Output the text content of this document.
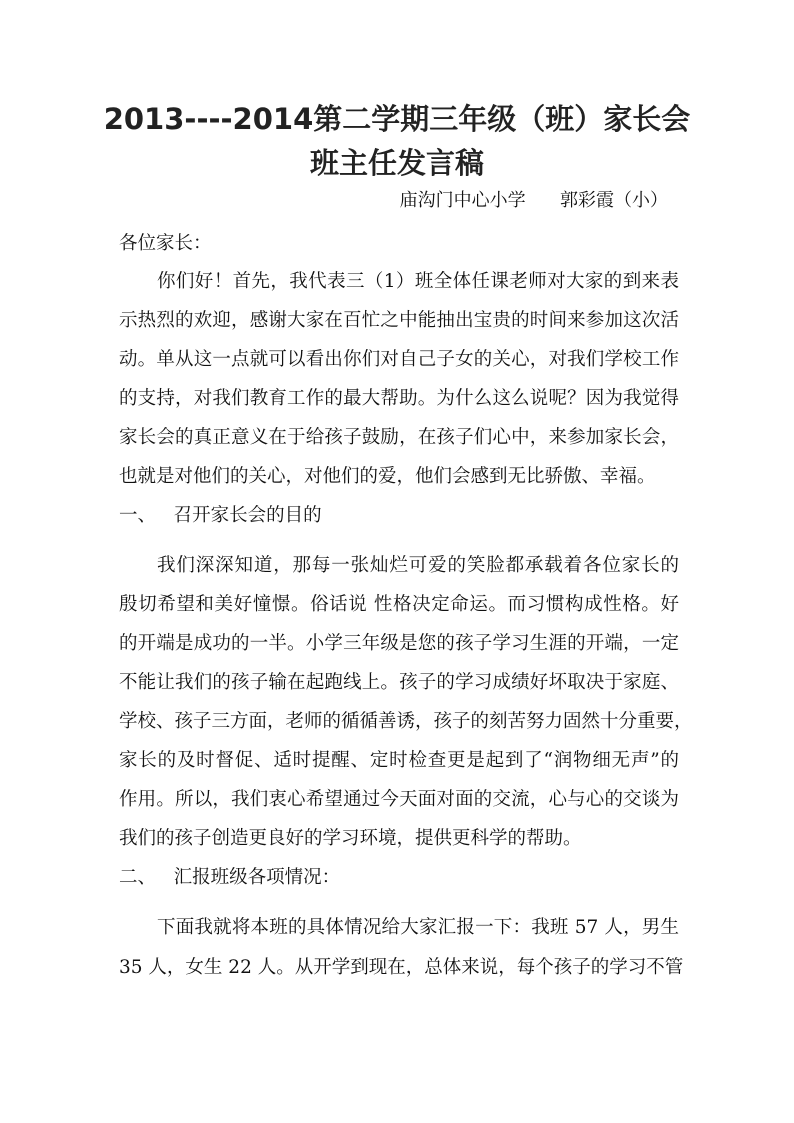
2013----2014第二学期三年级（班）家长会
班主任发言稿
庙沟门中心小学      郭彩霞（小）
各位家长：
你们好！首先，我代表三（1）班全体任课老师对大家的到来表
示热烈的欢迎，感谢大家在百忙之中能抽出宝贵的时间来参加这次活
动。单从这一点就可以看出你们对自己子女的关心，对我们学校工作
的支持，对我们教育工作的最大帮助。为什么这么说呢？因为我觉得
家长会的真正意义在于给孩子鼓励，在孩子们心中，来参加家长会，
也就是对他们的关心，对他们的爱，他们会感到无比骄傲、幸福。
一、   召开家长会的目的
我们深深知道，那每一张灿烂可爱的笑脸都承载着各位家长的
殷切希望和美好憧憬。俗话说 性格决定命运。而习惯构成性格。好
的开端是成功的一半。小学三年级是您的孩子学习生涯的开端，一定
不能让我们的孩子输在起跑线上。孩子的学习成绩好坏取决于家庭、
学校、孩子三方面，老师的循循善诱，孩子的刻苦努力固然十分重要，
家长的及时督促、适时提醒、定时检查更是起到了“润物细无声”的
作用。所以，我们衷心希望通过今天面对面的交流，心与心的交谈为
我们的孩子创造更良好的学习环境，提供更科学的帮助。
二、   汇报班级各项情况：
下面我就将本班的具体情况给大家汇报一下：我班 57 人，男生
35 人，女生 22 人。从开学到现在，总体来说，每个孩子的学习不管
